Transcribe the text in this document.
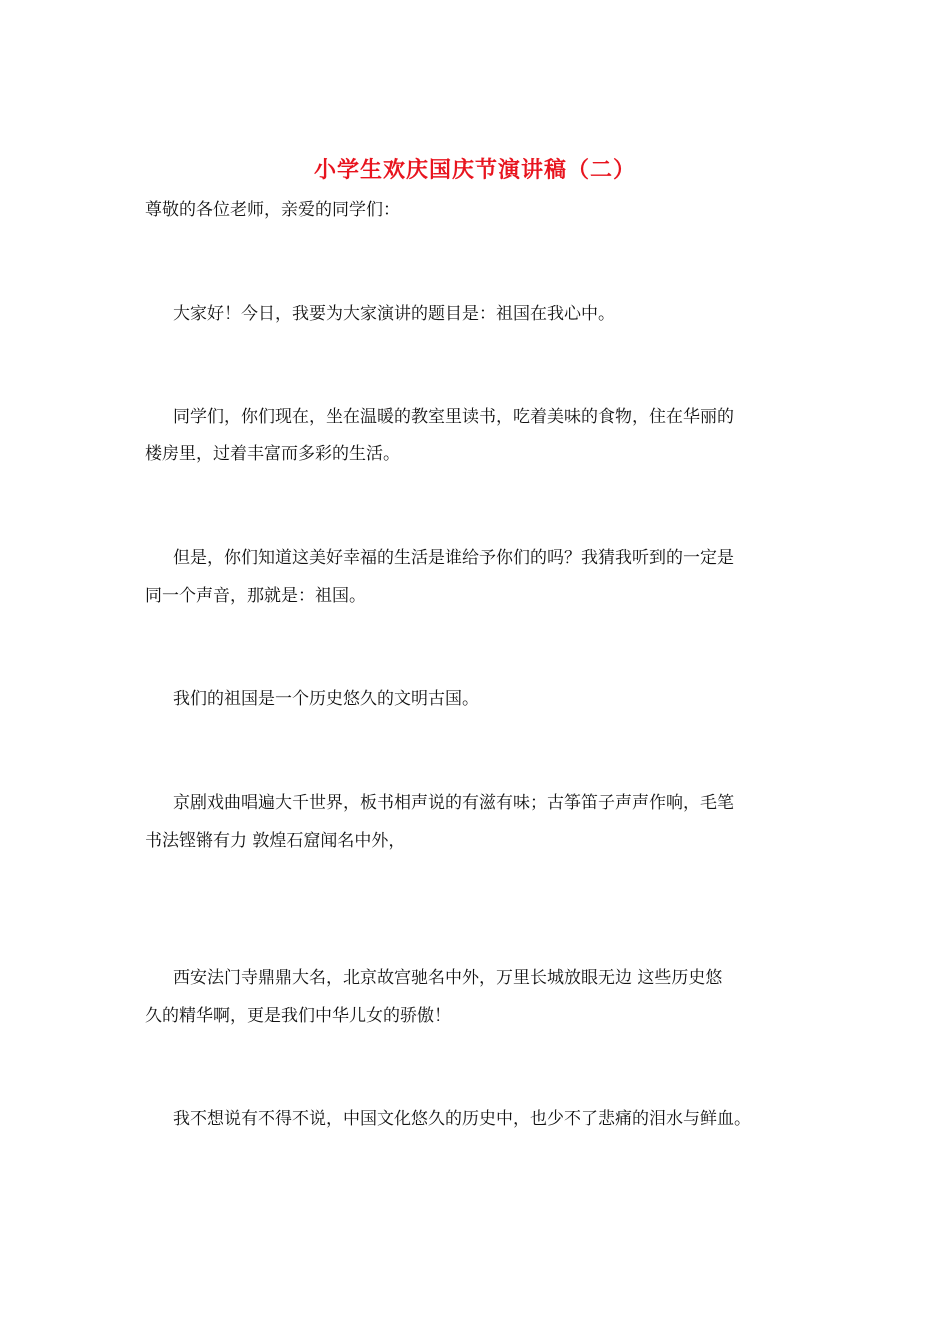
小学生欢庆国庆节演讲稿（二）
尊敬的各位老师，亲爱的同学们：
大家好！今日，我要为大家演讲的题目是：祖国在我心中。
同学们，你们现在，坐在温暖的教室里读书，吃着美味的食物，住在华丽的
楼房里，过着丰富而多彩的生活。
但是，你们知道这美好幸福的生活是谁给予你们的吗？我猜我听到的一定是
同一个声音，那就是：祖国。
我们的祖国是一个历史悠久的文明古国。
京剧戏曲唱遍大千世界，板书相声说的有滋有味；古筝笛子声声作响，毛笔
书法铿锵有力 敦煌石窟闻名中外，
西安法门寺鼎鼎大名，北京故宫驰名中外，万里长城放眼无边 这些历史悠
久的精华啊，更是我们中华儿女的骄傲！
我不想说有不得不说，中国文化悠久的历史中，也少不了悲痛的泪水与鲜血。
